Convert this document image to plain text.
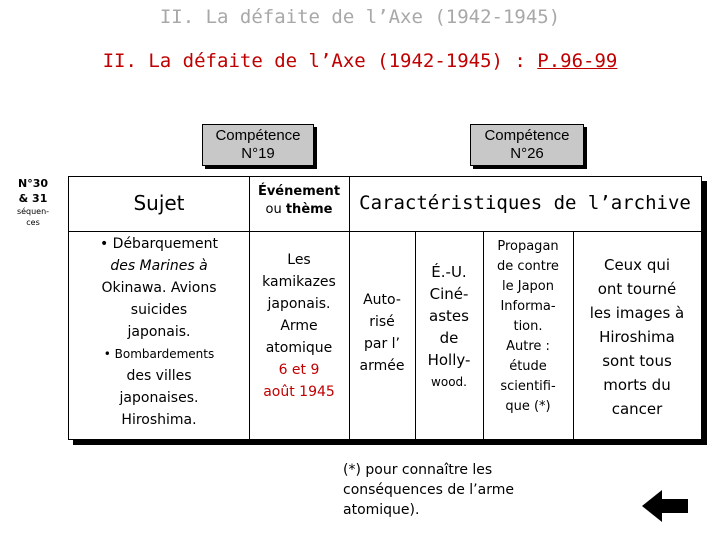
II. La défaite de l’Axe (1942-1945)
II. La défaite de l’Axe (1942-1945) : P.96-99
Compétence
N°19
Compétence
N°26
N°30
& 31
séquen-
ces
Sujet	Événement
ou thème	Caractéristiques de l’archive
• Débarquement
des Marines à
Okinawa. Avions
suicides
japonais.
• Bombardements
des villes
japonaises.
Hiroshima.
Les
kamikazes
japonais.
Arme
atomique
6 et 9
août 1945
Auto-
risé
par l’
armée
É.-U.
Ciné-
astes
de
Holly-
wood.
Propagan
de contre
le Japon
Informa-
tion.
Autre :
étude
scientifi-
que (*)
Ceux qui
ont tourné
les images à
Hiroshima
sont tous
morts du
cancer
(*) pour connaître les
conséquences de l’arme
atomique).
